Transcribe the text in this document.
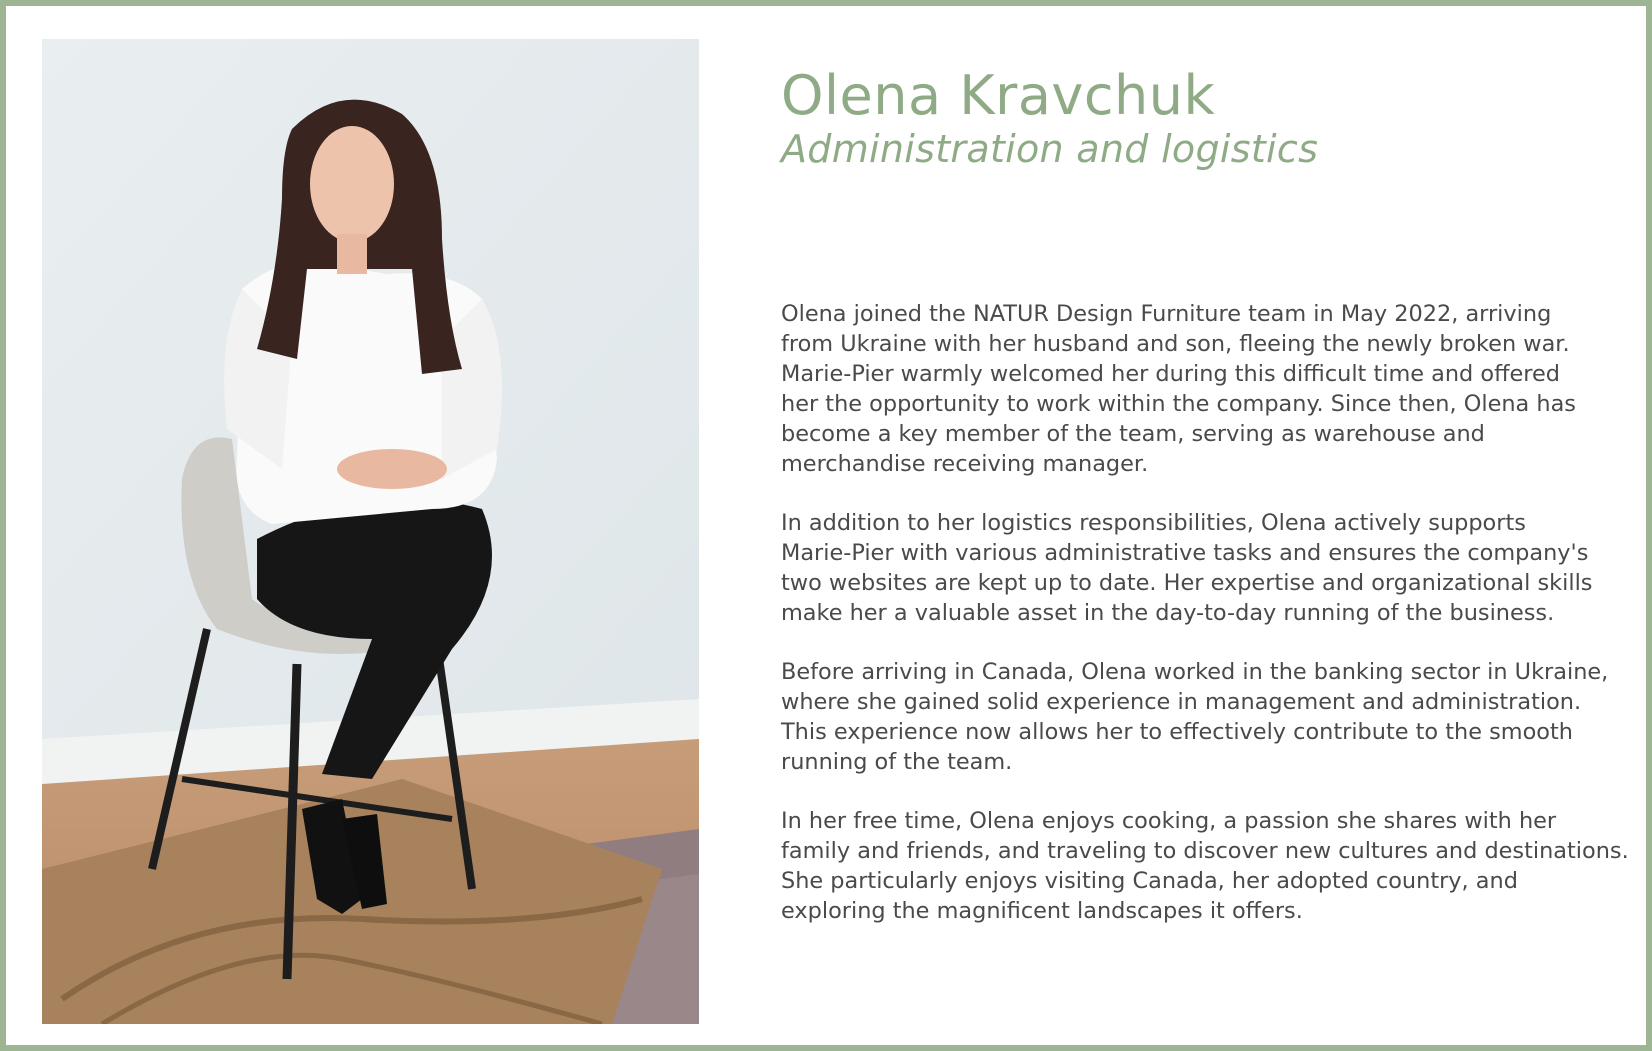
Olena Kravchuk
Administration and logistics

Olena joined the NATUR Design Furniture team in May 2022, arriving
from Ukraine with her husband and son, fleeing the newly broken war.
Marie-Pier warmly welcomed her during this difficult time and offered
her the opportunity to work within the company. Since then, Olena has
become a key member of the team, serving as warehouse and
merchandise receiving manager.

In addition to her logistics responsibilities, Olena actively supports
Marie-Pier with various administrative tasks and ensures the company's
two websites are kept up to date. Her expertise and organizational skills
make her a valuable asset in the day-to-day running of the business.

Before arriving in Canada, Olena worked in the banking sector in Ukraine,
where she gained solid experience in management and administration.
This experience now allows her to effectively contribute to the smooth
running of the team.

In her free time, Olena enjoys cooking, a passion she shares with her
family and friends, and traveling to discover new cultures and destinations.
She particularly enjoys visiting Canada, her adopted country, and
exploring the magnificent landscapes it offers.
